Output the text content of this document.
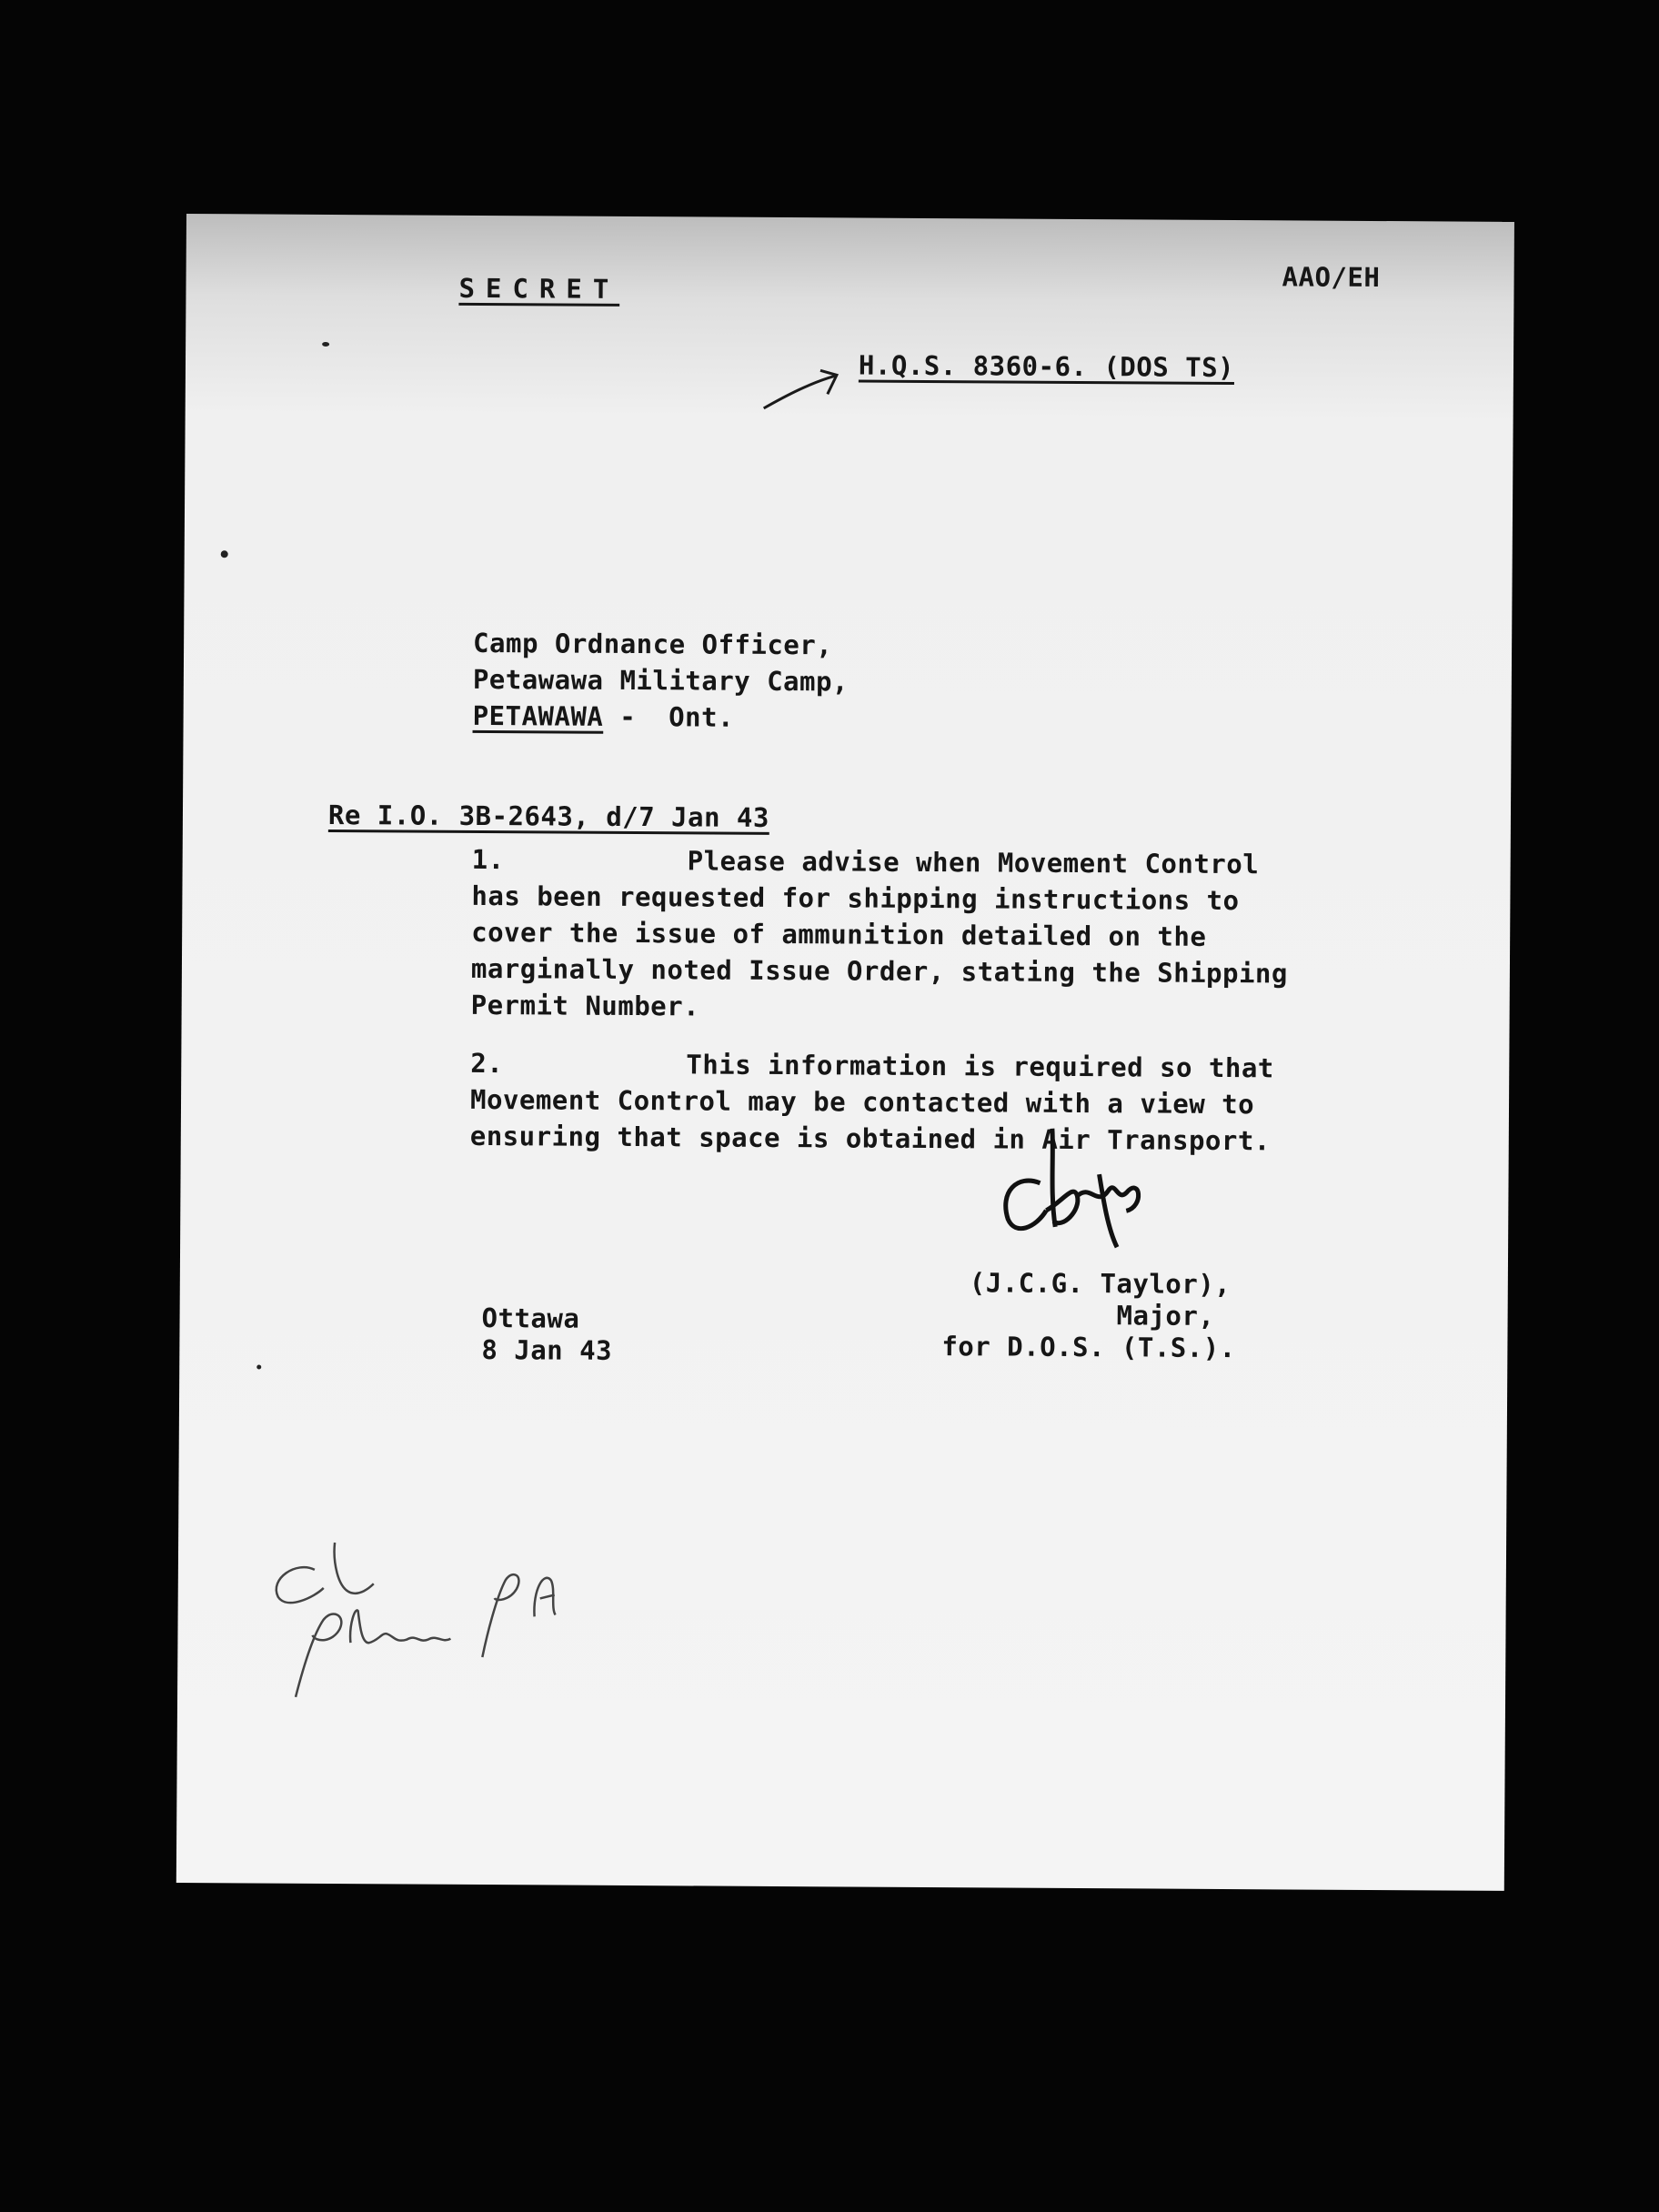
SECRET	AAO/EH
H.Q.S. 8360-6. (DOS TS)
Camp Ordnance Officer,
Petawawa Military Camp,
PETAWAWA -  Ont.
Re I.O. 3B-2643, d/7 Jan 43
1.	Please advise when Movement Control
has been requested for shipping instructions to
cover the issue of ammunition detailed on the
marginally noted Issue Order, stating the Shipping
Permit Number.
2.	This information is required so that
Movement Control may be contacted with a view to
ensuring that space is obtained in Air Transport.
(J.C.G. Taylor),
Major,
for D.O.S. (T.S.).
Ottawa
8 Jan 43
